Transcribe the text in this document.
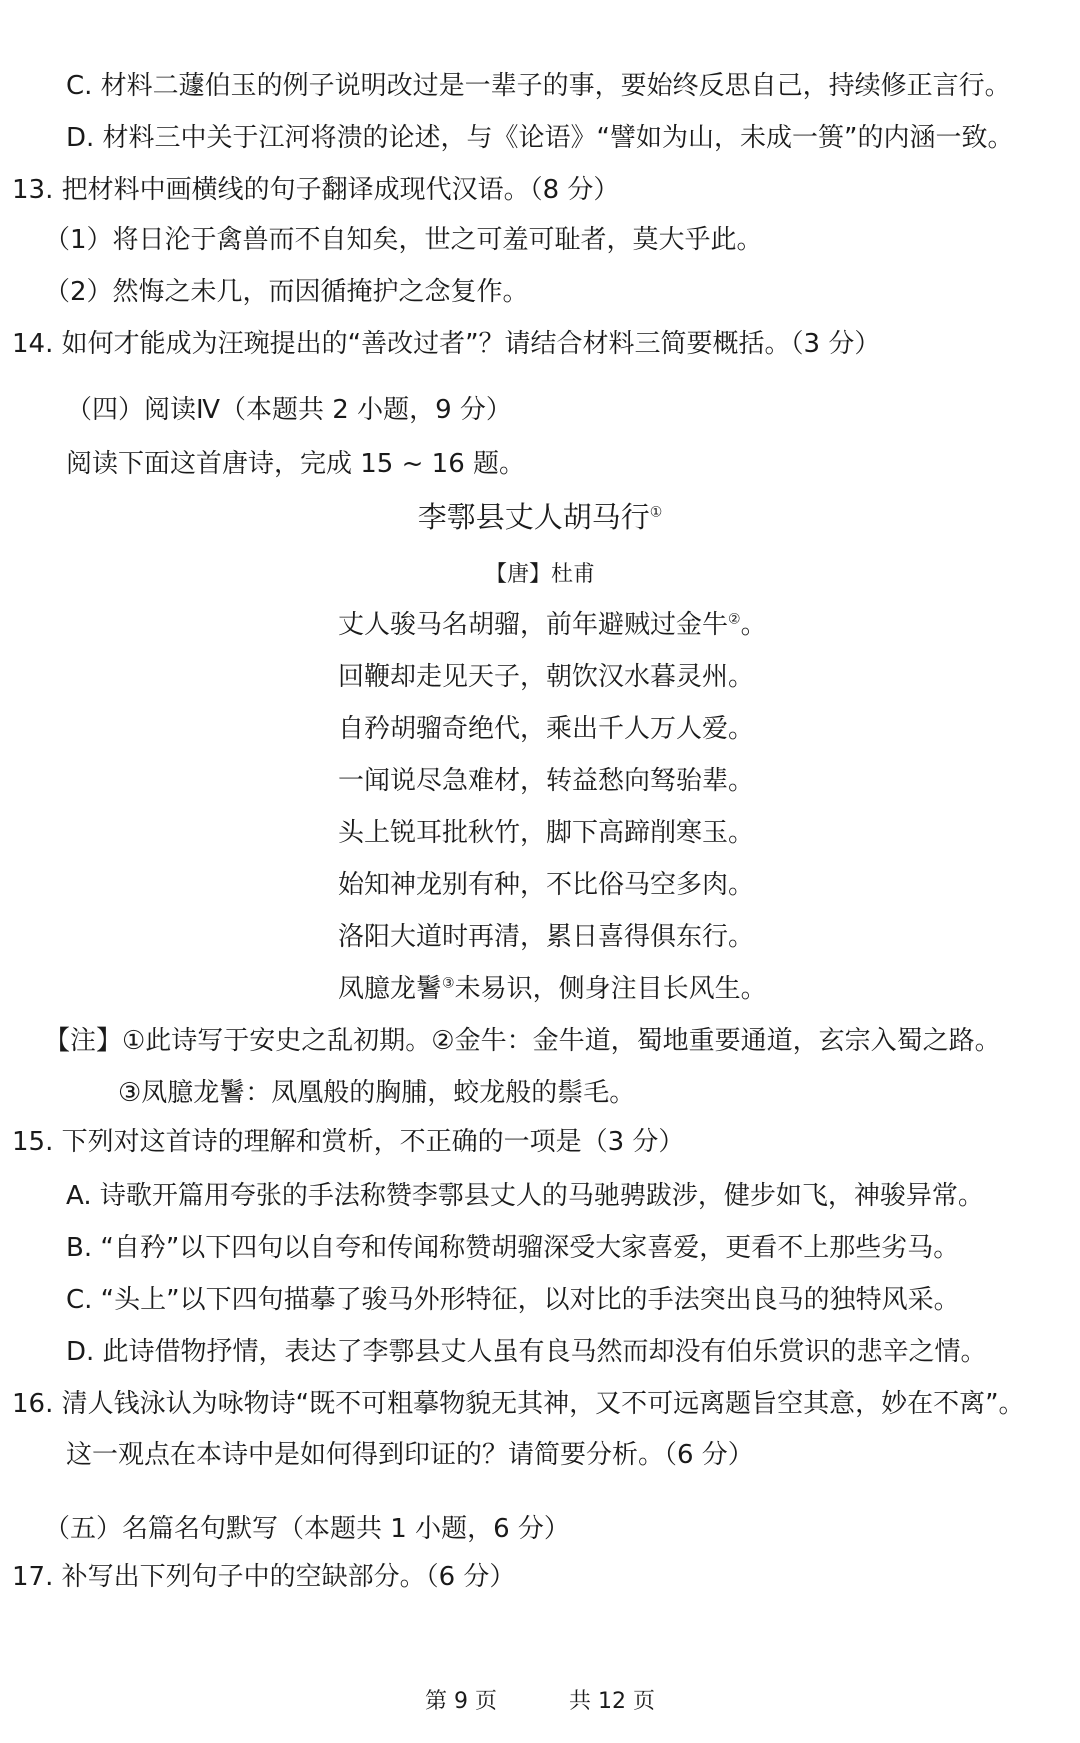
C. 材料二蘧伯玉的例子说明改过是一辈子的事，要始终反思自己，持续修正言行。
D. 材料三中关于江河将溃的论述，与《论语》“譬如为山，未成一篑”的内涵一致。
13. 把材料中画横线的句子翻译成现代汉语。（8 分）
（1）将日沦于禽兽而不自知矣，世之可羞可耻者，莫大乎此。
（2）然悔之未几，而因循掩护之念复作。
14. 如何才能成为汪琬提出的“善改过者”？请结合材料三简要概括。（3 分）
（四）阅读Ⅳ（本题共 2 小题，9 分）
阅读下面这首唐诗，完成 15 ~ 16 题。
李鄠县丈人胡马行①
【唐】杜甫
丈人骏马名胡骝，前年避贼过金牛②。
回鞭却走见天子，朝饮汉水暮灵州。
自矜胡骝奇绝代，乘出千人万人爱。
一闻说尽急难材，转益愁向驽骀辈。
头上锐耳批秋竹，脚下高蹄削寒玉。
始知神龙别有种，不比俗马空多肉。
洛阳大道时再清，累日喜得俱东行。
凤臆龙鬐③未易识，侧身注目长风生。
【注】①此诗写于安史之乱初期。②金牛：金牛道，蜀地重要通道，玄宗入蜀之路。
③凤臆龙鬐：凤凰般的胸脯，蛟龙般的鬃毛。
15. 下列对这首诗的理解和赏析，不正确的一项是（3 分）
A. 诗歌开篇用夸张的手法称赞李鄠县丈人的马驰骋跋涉，健步如飞，神骏异常。
B. “自矜”以下四句以自夸和传闻称赞胡骝深受大家喜爱，更看不上那些劣马。
C. “头上”以下四句描摹了骏马外形特征，以对比的手法突出良马的独特风采。
D. 此诗借物抒情，表达了李鄠县丈人虽有良马然而却没有伯乐赏识的悲辛之情。
16. 清人钱泳认为咏物诗“既不可粗摹物貌无其神，又不可远离题旨空其意，妙在不离”。
这一观点在本诗中是如何得到印证的？请简要分析。（6 分）
（五）名篇名句默写（本题共 1 小题，6 分）
17. 补写出下列句子中的空缺部分。（6 分）
第 9 页	共 12 页
